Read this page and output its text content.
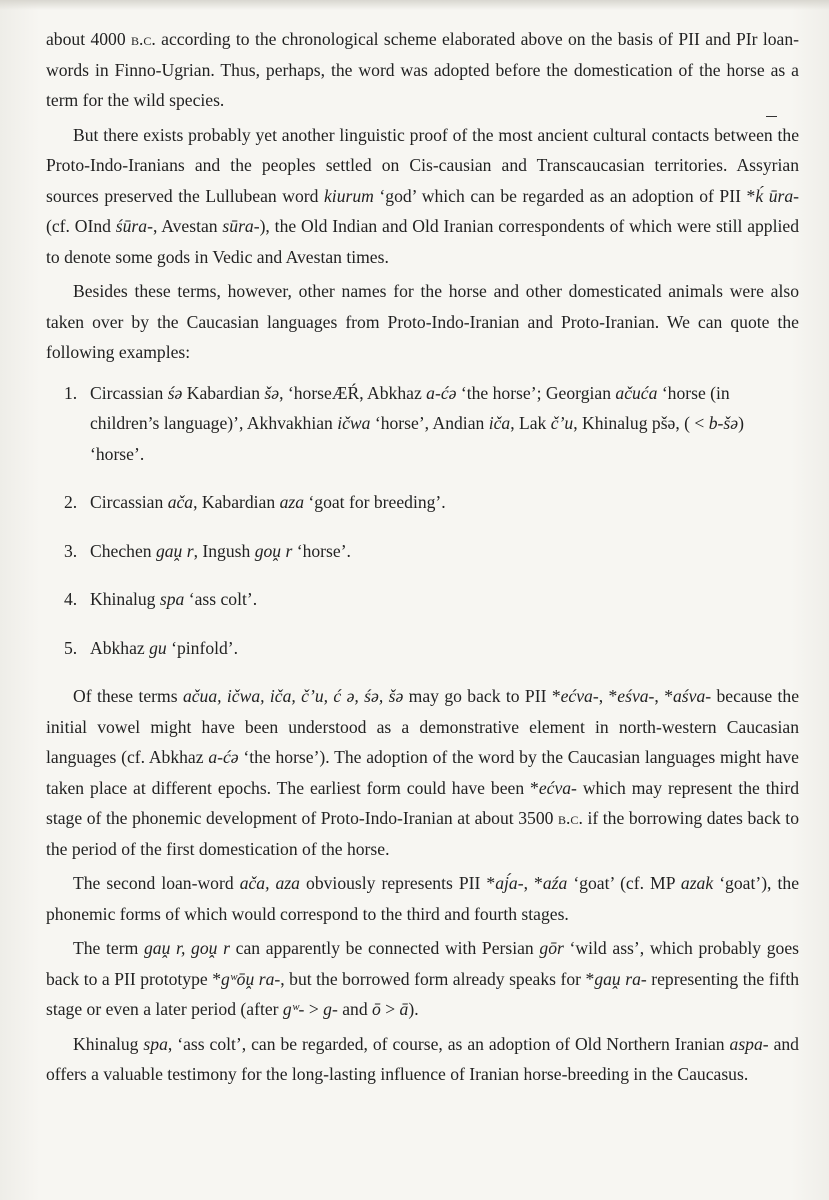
about 4000 b.c. according to the chronological scheme elaborated above on the basis of PII and PIr loan-words in Finno-Ugrian. Thus, perhaps, the word was adopted before the domestication of the horse as a term for the wild species.

But there exists probably yet another linguistic proof of the most ancient cultural contacts between the Proto-Indo-Iranians and the peoples settled on Cis-causian and Transcaucasian territories. Assyrian sources preserved the Lullubean word kiurum ‘god’ which can be regarded as an adoption of PII *ḱ ūra- (cf. OInd śūra-, Avestan sūra-), the Old Indian and Old Iranian correspondents of which were still applied to denote some gods in Vedic and Avestan times.

Besides these terms, however, other names for the horse and other domesticated animals were also taken over by the Caucasian languages from Proto-Indo-Iranian and Proto-Iranian. We can quote the following examples:

1. Circassian śə Kabardian šə, ‘horseÆŔ, Abkhaz a-ćə ‘the horse’; Georgian ačuća ‘horse (in children’s language)’, Akhvakhian ičwa ‘horse’, Andian iča, Lak č’u, Khinalug pšə, ( < b-šə) ‘horse’.
2. Circassian ača, Kabardian aza ‘goat for breeding’.
3. Chechen gaṷ r, Ingush goṷ r ‘horse’.
4. Khinalug spa ‘ass colt’.
5. Abkhaz gu ‘pinfold’.

Of these terms ačua, ičwa, iča, č’u, ć ə, śə, šə may go back to PII *ećva-, *eśva-, *aśva- because the initial vowel might have been understood as a demonstrative element in north-western Caucasian languages (cf. Abkhaz a-ćə ‘the horse’). The adoption of the word by the Caucasian languages might have taken place at different epochs. The earliest form could have been *ećva- which may represent the third stage of the phonemic development of Proto-Indo-Iranian at about 3500 b.c. if the borrowing dates back to the period of the first domestication of the horse.

The second loan-word ača, aza obviously represents PII *aj́a-, *aźa ‘goat’ (cf. MP azak ‘goat’), the phonemic forms of which would correspond to the third and fourth stages.

The term gaṷ r, goṷ r can apparently be connected with Persian gōr ‘wild ass’, which probably goes back to a PII prototype *gʷōṷ ra-, but the borrowed form already speaks for *gaṷ ra- representing the fifth stage or even a later period (after gʷ- > g- and ō > ā).

Khinalug spa, ‘ass colt’, can be regarded, of course, as an adoption of Old Northern Iranian aspa- and offers a valuable testimony for the long-lasting influence of Iranian horse-breeding in the Caucasus.
